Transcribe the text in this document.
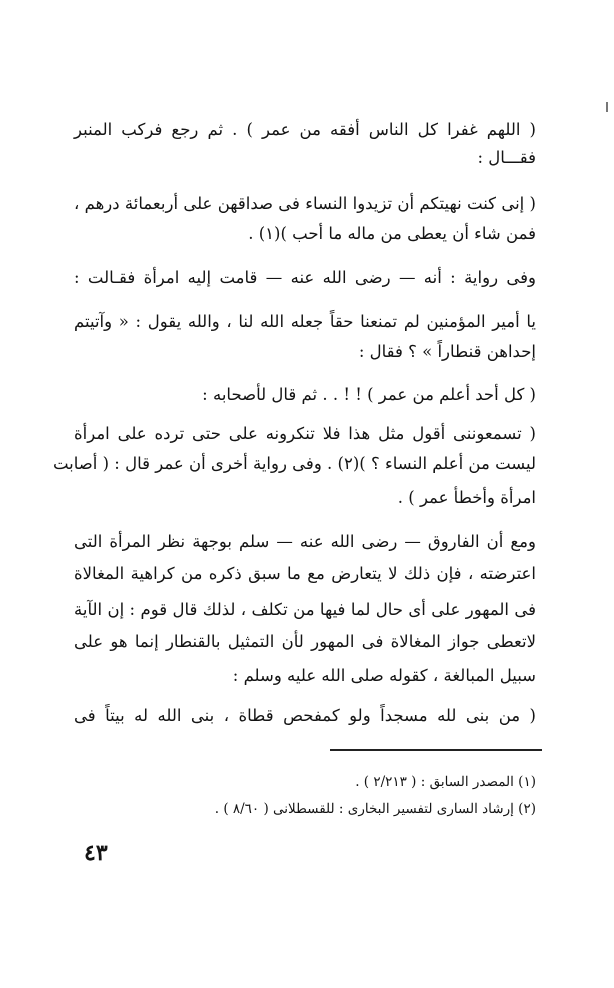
( اللهم غفرا كل الناس أفقه من عمر ) . ثم رجع فركب المنبر
فقـــال :
( إنى كنت نهيتكم أن تزيدوا النساء فى صداقهن على أربعمائة درهم ،
فمن شاء أن يعطى من ماله ما أحب )(١) .
وفى رواية : أنه — رضى الله عنه — قامت إليه امرأة فقـالت :
يا أمير المؤمنين لم تمنعنا حقاً جعله الله لنا ، والله يقول : « وآتيتم
إحداهن قنطاراً » ؟ فقال :
( كل أحد أعلم من عمر ) ! ! . . ثم قال لأصحابه :
( تسمعوننى أقول مثل هذا فلا تنكرونه على حتى ترده على امرأة
ليست من أعلم النساء ؟ )(٢) . وفى رواية أخرى أن عمر قال : ( أصابت
امرأة وأخطأ عمر ) .
ومع أن الفاروق — رضى الله عنه — سلم بوجهة نظر المرأة التى
اعترضته ، فإن ذلك لا يتعارض مع ما سبق ذكره من كراهية المغالاة
فى المهور على أى حال لما فيها من تكلف ، لذلك قال قوم : إن الآية
لاتعطى جواز المغالاة فى المهور لأن التمثيل بالقنطار إنما هو على
سبيل المبالغة ، كقوله صلى الله عليه وسلم :
( من بنى لله مسجداً ولو كمفحص قطاة ، بنى الله له بيتاً فى
(١) المصدر السابق : ( ٢/٢١٣ ) .
(٢) إرشاد السارى لتفسير البخارى : للقسطلانى ( ٨/٦٠ ) .
٤٣
